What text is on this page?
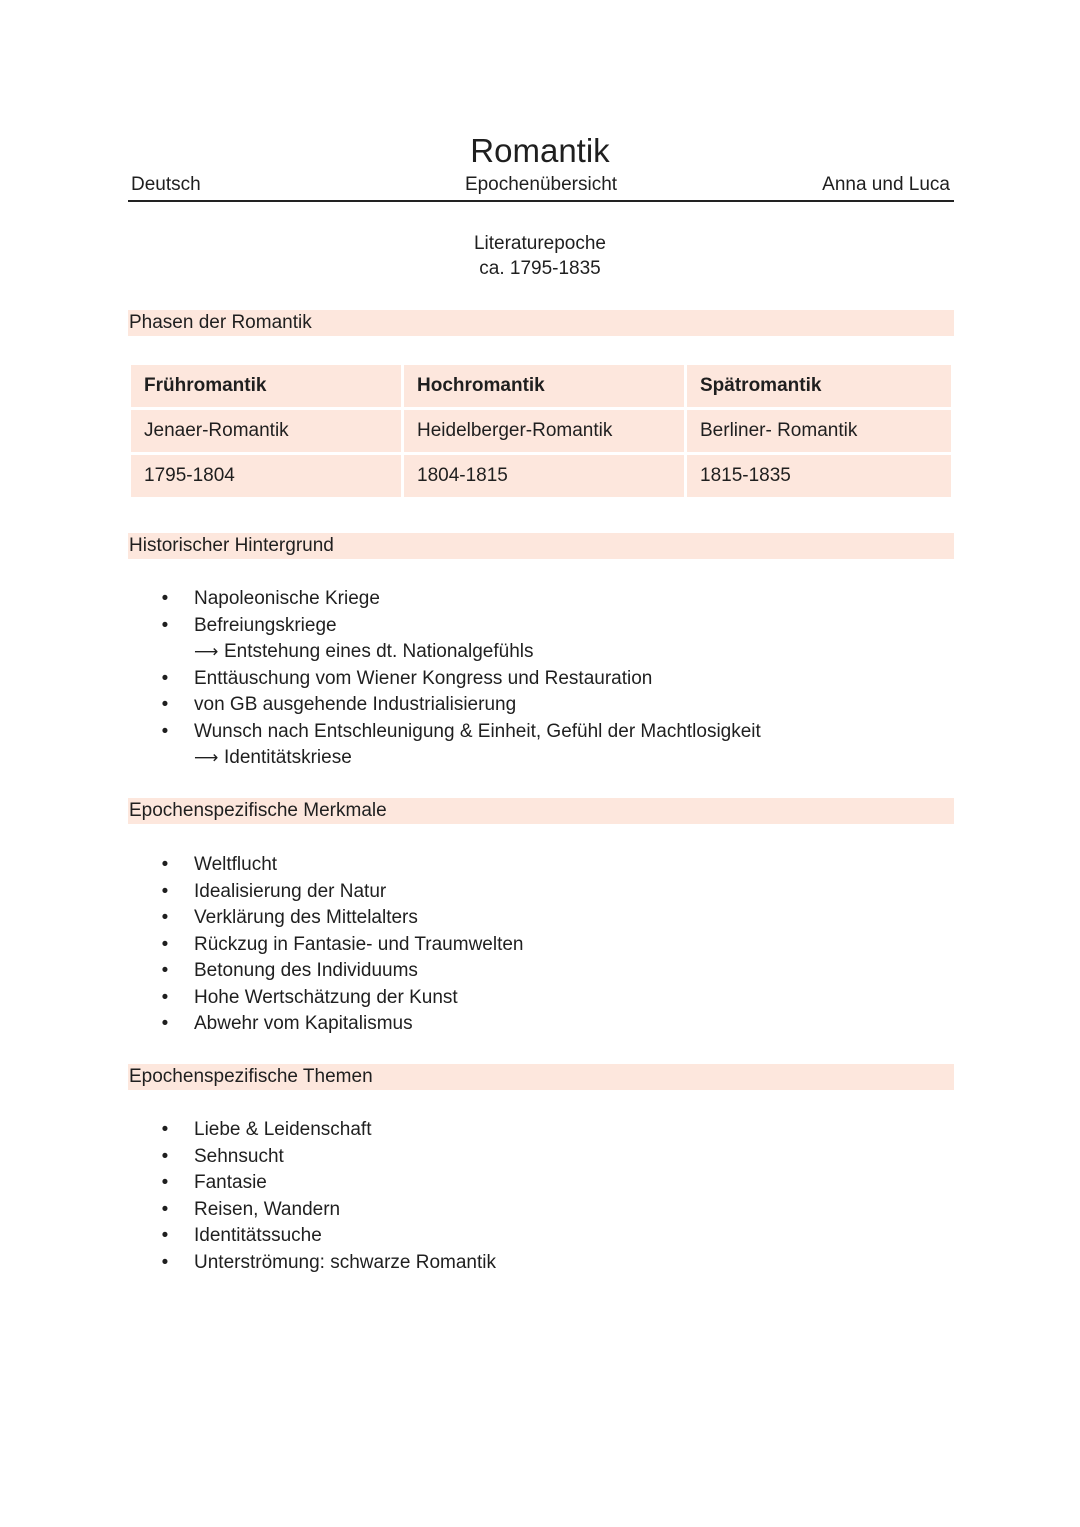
Romantik
Deutsch	Epochenübersicht	Anna und Luca
Literaturepoche
ca. 1795-1835
Phasen der Romantik
Frühromantik	Hochromantik	Spätromantik
Jenaer-Romantik	Heidelberger-Romantik	Berliner- Romantik
1795-1804	1804-1815	1815-1835
Historischer Hintergrund
• Napoleonische Kriege
• Befreiungskriege
⟶ Entstehung eines dt. Nationalgefühls
• Enttäuschung vom Wiener Kongress und Restauration
• von GB ausgehende Industrialisierung
• Wunsch nach Entschleunigung & Einheit, Gefühl der Machtlosigkeit
⟶ Identitätskriese
Epochenspezifische Merkmale
• Weltflucht
• Idealisierung der Natur
• Verklärung des Mittelalters
• Rückzug in Fantasie- und Traumwelten
• Betonung des Individuums
• Hohe Wertschätzung der Kunst
• Abwehr vom Kapitalismus
Epochenspezifische Themen
• Liebe & Leidenschaft
• Sehnsucht
• Fantasie
• Reisen, Wandern
• Identitätssuche
• Unterströmung: schwarze Romantik
